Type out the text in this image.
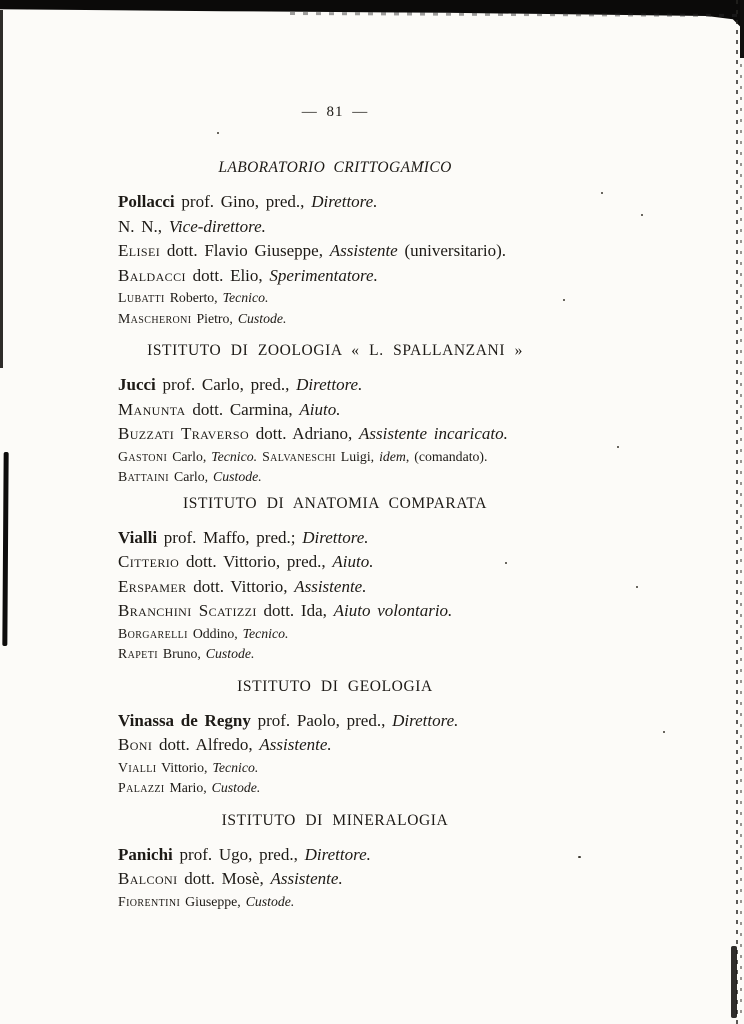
— 81 —
LABORATORIO CRITTOGAMICO

Pollacci prof. Gino, pred., Direttore.

N. N., Vice-direttore.

Elisei dott. Flavio Giuseppe, Assistente (universitario).

Baldacci dott. Elio, Sperimentatore.

Lubatti Roberto, Tecnico.

Mascheroni Pietro, Custode.

ISTITUTO DI ZOOLOGIA « L. SPALLANZANI »

Jucci prof. Carlo, pred., Direttore.

Manunta dott. Carmina, Aiuto.

Buzzati Traverso dott. Adriano, Assistente incaricato.

Gastoni Carlo, Tecnico. Salvaneschi Luigi, idem, (comandato).

Battaini Carlo, Custode.

ISTITUTO DI ANATOMIA COMPARATA

Vialli prof. Maffo, pred.; Direttore.

Citterio dott. Vittorio, pred., Aiuto.

Erspamer dott. Vittorio, Assistente.

Branchini Scatizzi dott. Ida, Aiuto volontario.

Borgarelli Oddino, Tecnico.

Rapeti Bruno, Custode.

ISTITUTO DI GEOLOGIA

Vinassa de Regny prof. Paolo, pred., Direttore.

Boni dott. Alfredo, Assistente.

Vialli Vittorio, Tecnico.

Palazzi Mario, Custode.

ISTITUTO DI MINERALOGIA

Panichi prof. Ugo, pred., Direttore.

Balconi dott. Mosè, Assistente.

Fiorentini Giuseppe, Custode.
